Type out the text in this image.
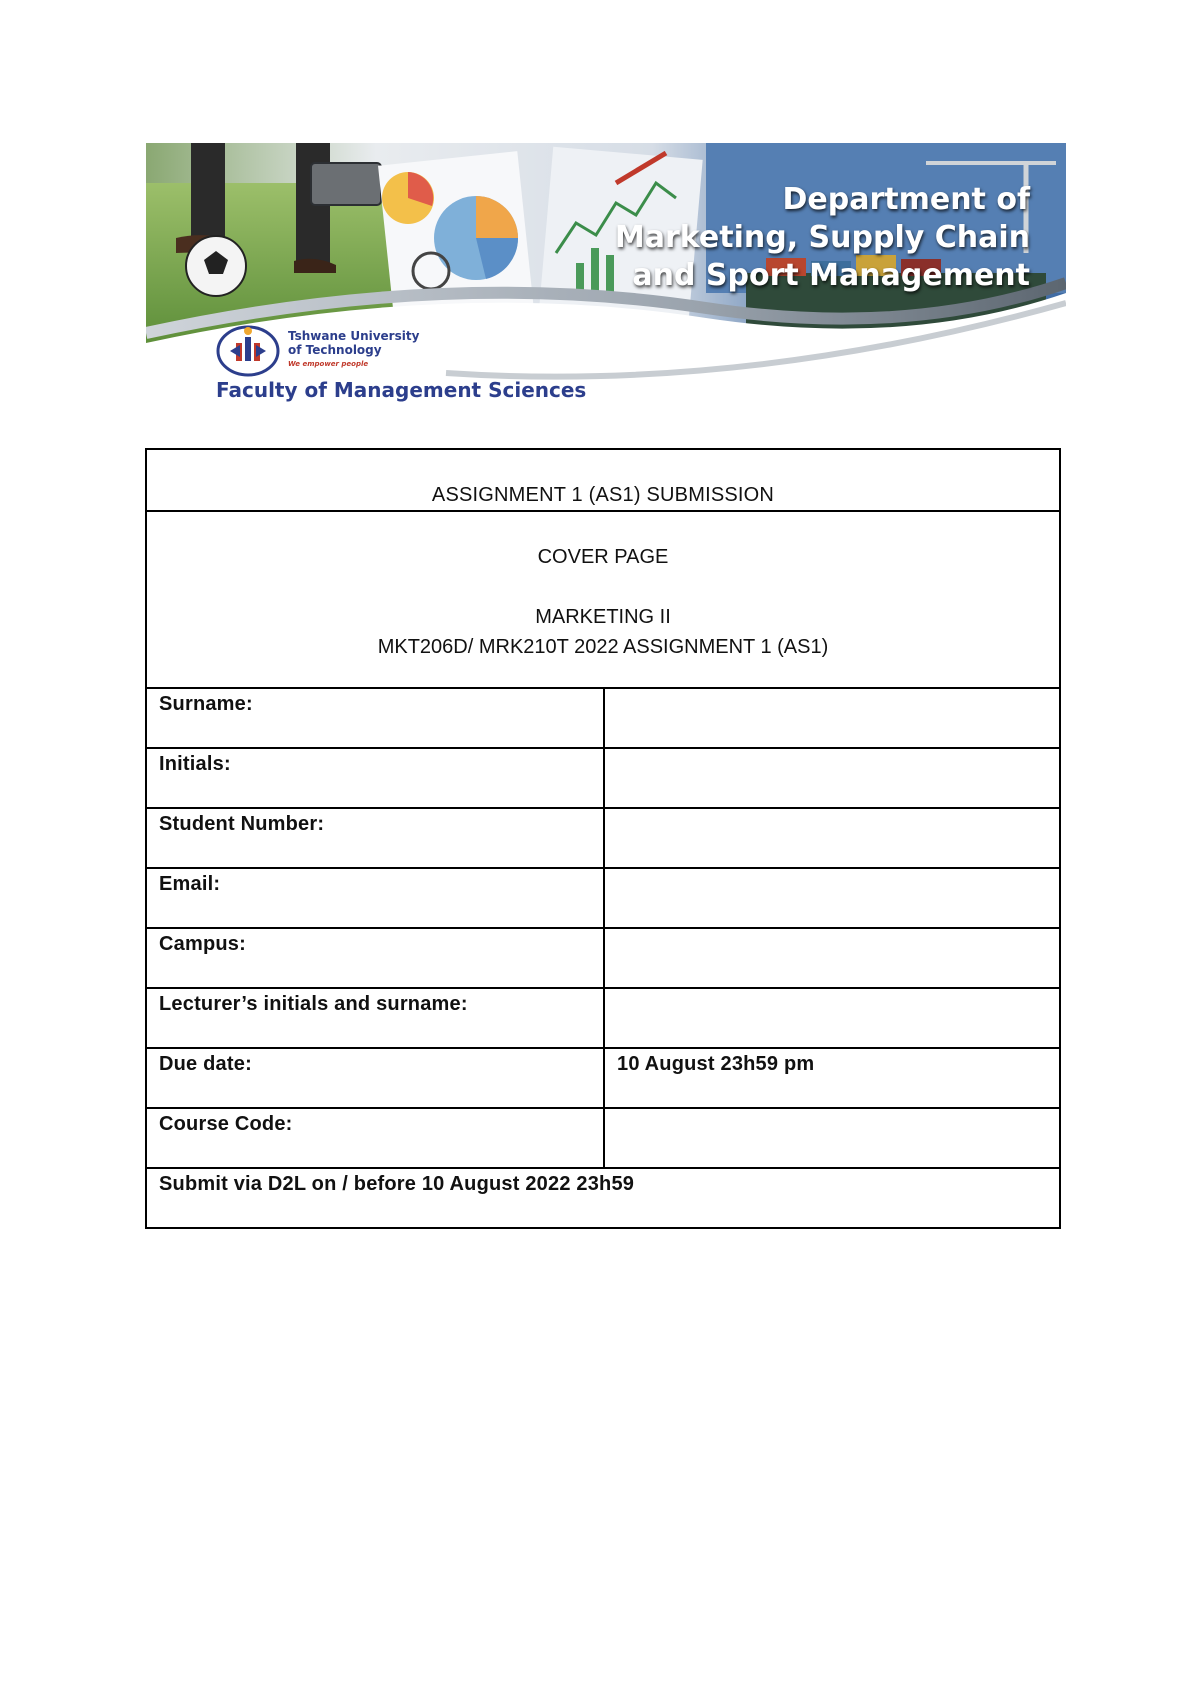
Department of
Marketing, Supply Chain
and Sport Management
Tshwane University
of Technology
We empower people
Faculty of Management Sciences
ASSIGNMENT 1 (AS1) SUBMISSION
COVER PAGE
MARKETING II
MKT206D/ MRK210T 2022 ASSIGNMENT 1 (AS1)
Surname:
Initials:
Student Number:
Email:
Campus:
Lecturer’s initials and surname:
Due date:	10 August 23h59 pm
Course Code:
Submit via D2L on / before 10 August 2022 23h59
